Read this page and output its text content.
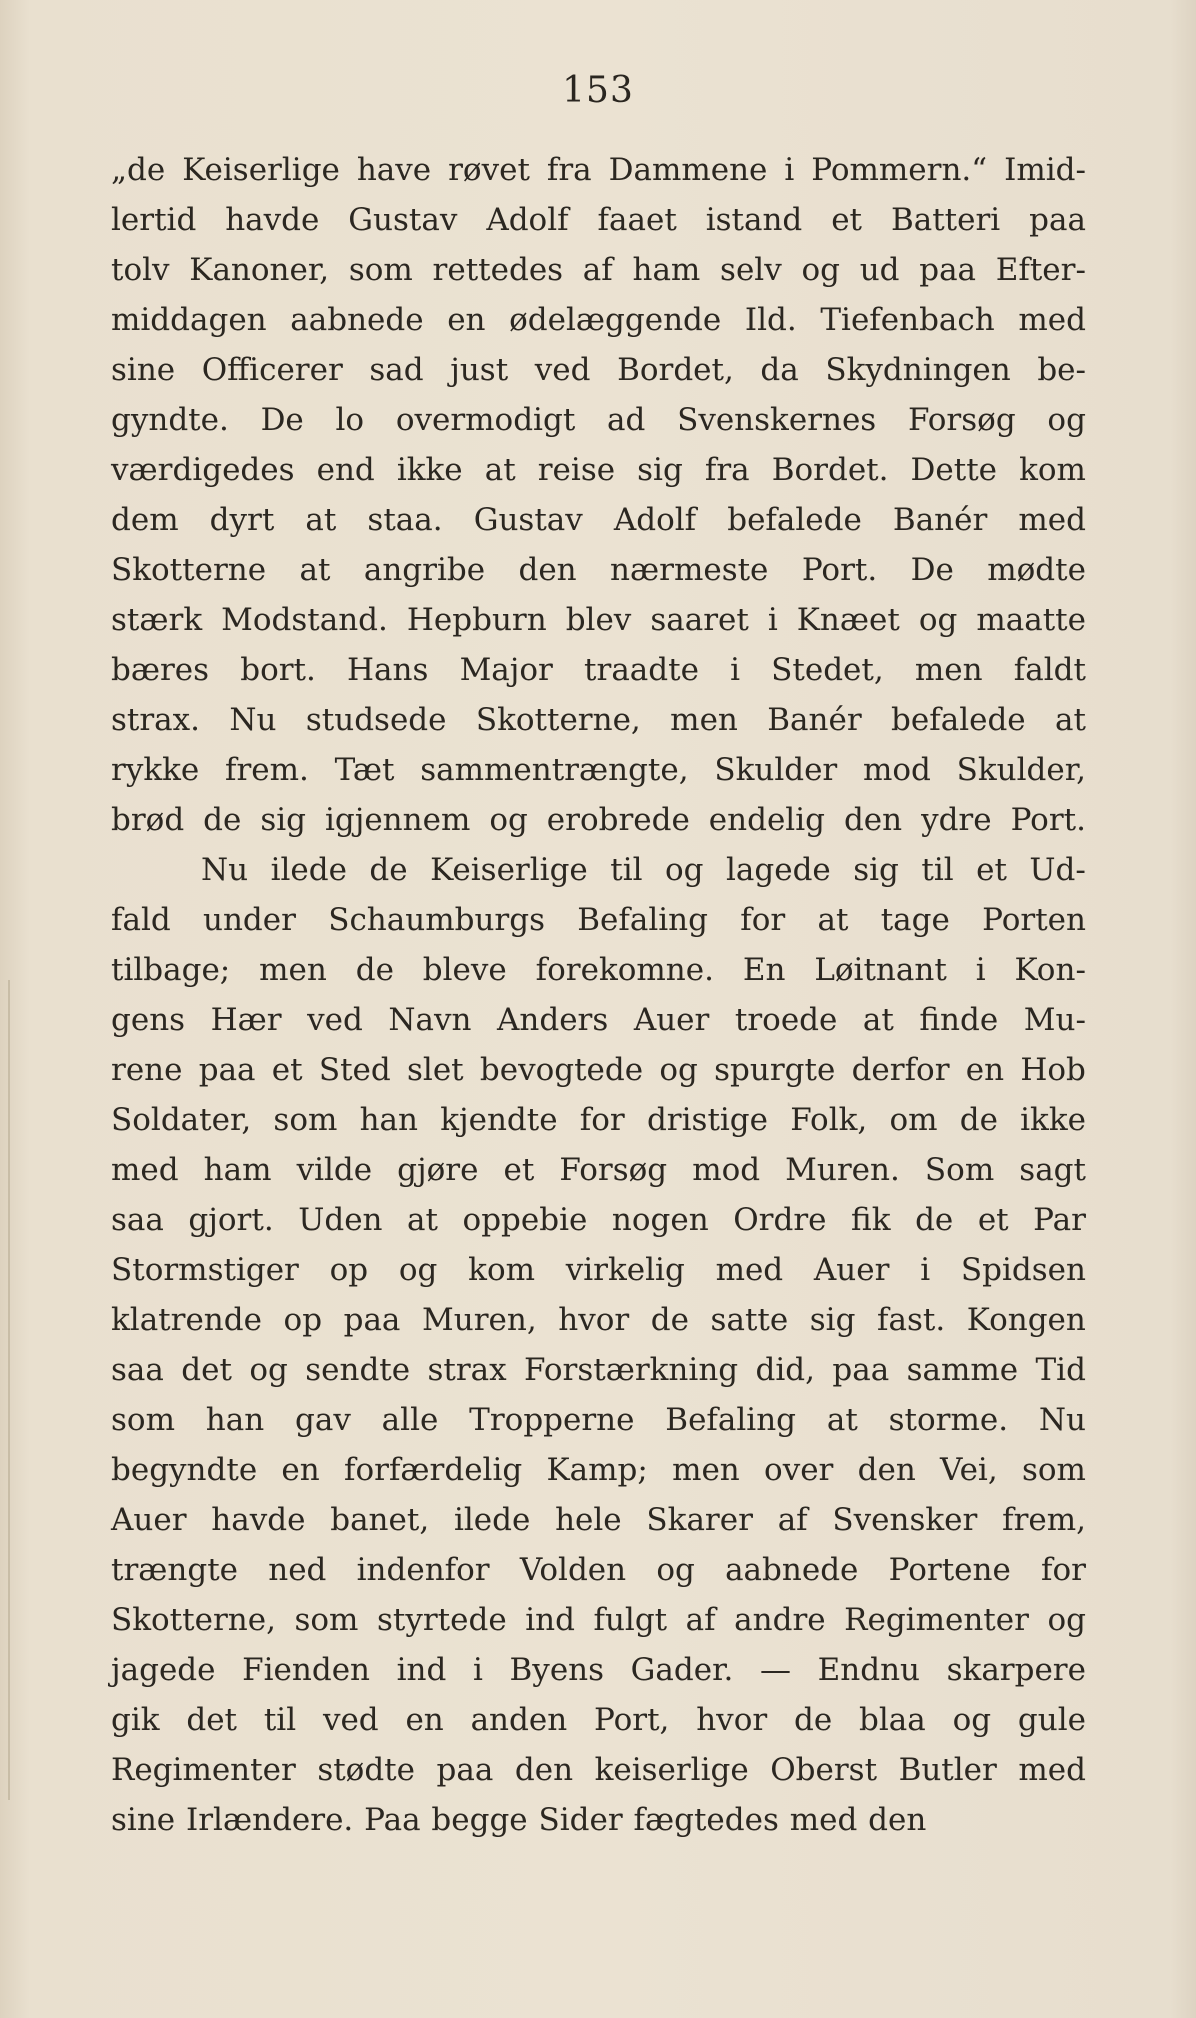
153
„de Keiserlige have røvet fra Dammene i Pommern.“ Imid-
lertid havde Gustav Adolf faaet istand et Batteri paa
tolv Kanoner, som rettedes af ham selv og ud paa Efter-
middagen aabnede en ødelæggende Ild. Tiefenbach med
sine Officerer sad just ved Bordet, da Skydningen be-
gyndte. De lo overmodigt ad Svenskernes Forsøg og
værdigedes end ikke at reise sig fra Bordet. Dette kom
dem dyrt at staa. Gustav Adolf befalede Banér med
Skotterne at angribe den nærmeste Port. De mødte
stærk Modstand. Hepburn blev saaret i Knæet og maatte
bæres bort. Hans Major traadte i Stedet, men faldt
strax. Nu studsede Skotterne, men Banér befalede at
rykke frem. Tæt sammentrængte, Skulder mod Skulder,
brød de sig igjennem og erobrede endelig den ydre Port.
Nu ilede de Keiserlige til og lagede sig til et Ud-
fald under Schaumburgs Befaling for at tage Porten
tilbage; men de bleve forekomne. En Løitnant i Kon-
gens Hær ved Navn Anders Auer troede at finde Mu-
rene paa et Sted slet bevogtede og spurgte derfor en Hob
Soldater, som han kjendte for dristige Folk, om de ikke
med ham vilde gjøre et Forsøg mod Muren. Som sagt
saa gjort. Uden at oppebie nogen Ordre fik de et Par
Stormstiger op og kom virkelig med Auer i Spidsen
klatrende op paa Muren, hvor de satte sig fast. Kongen
saa det og sendte strax Forstærkning did, paa samme Tid
som han gav alle Tropperne Befaling at storme. Nu
begyndte en forfærdelig Kamp; men over den Vei, som
Auer havde banet, ilede hele Skarer af Svensker frem,
trængte ned indenfor Volden og aabnede Portene for
Skotterne, som styrtede ind fulgt af andre Regimenter og
jagede Fienden ind i Byens Gader. — Endnu skarpere
gik det til ved en anden Port, hvor de blaa og gule
Regimenter stødte paa den keiserlige Oberst Butler med
sine Irlændere. Paa begge Sider fægtedes med den
